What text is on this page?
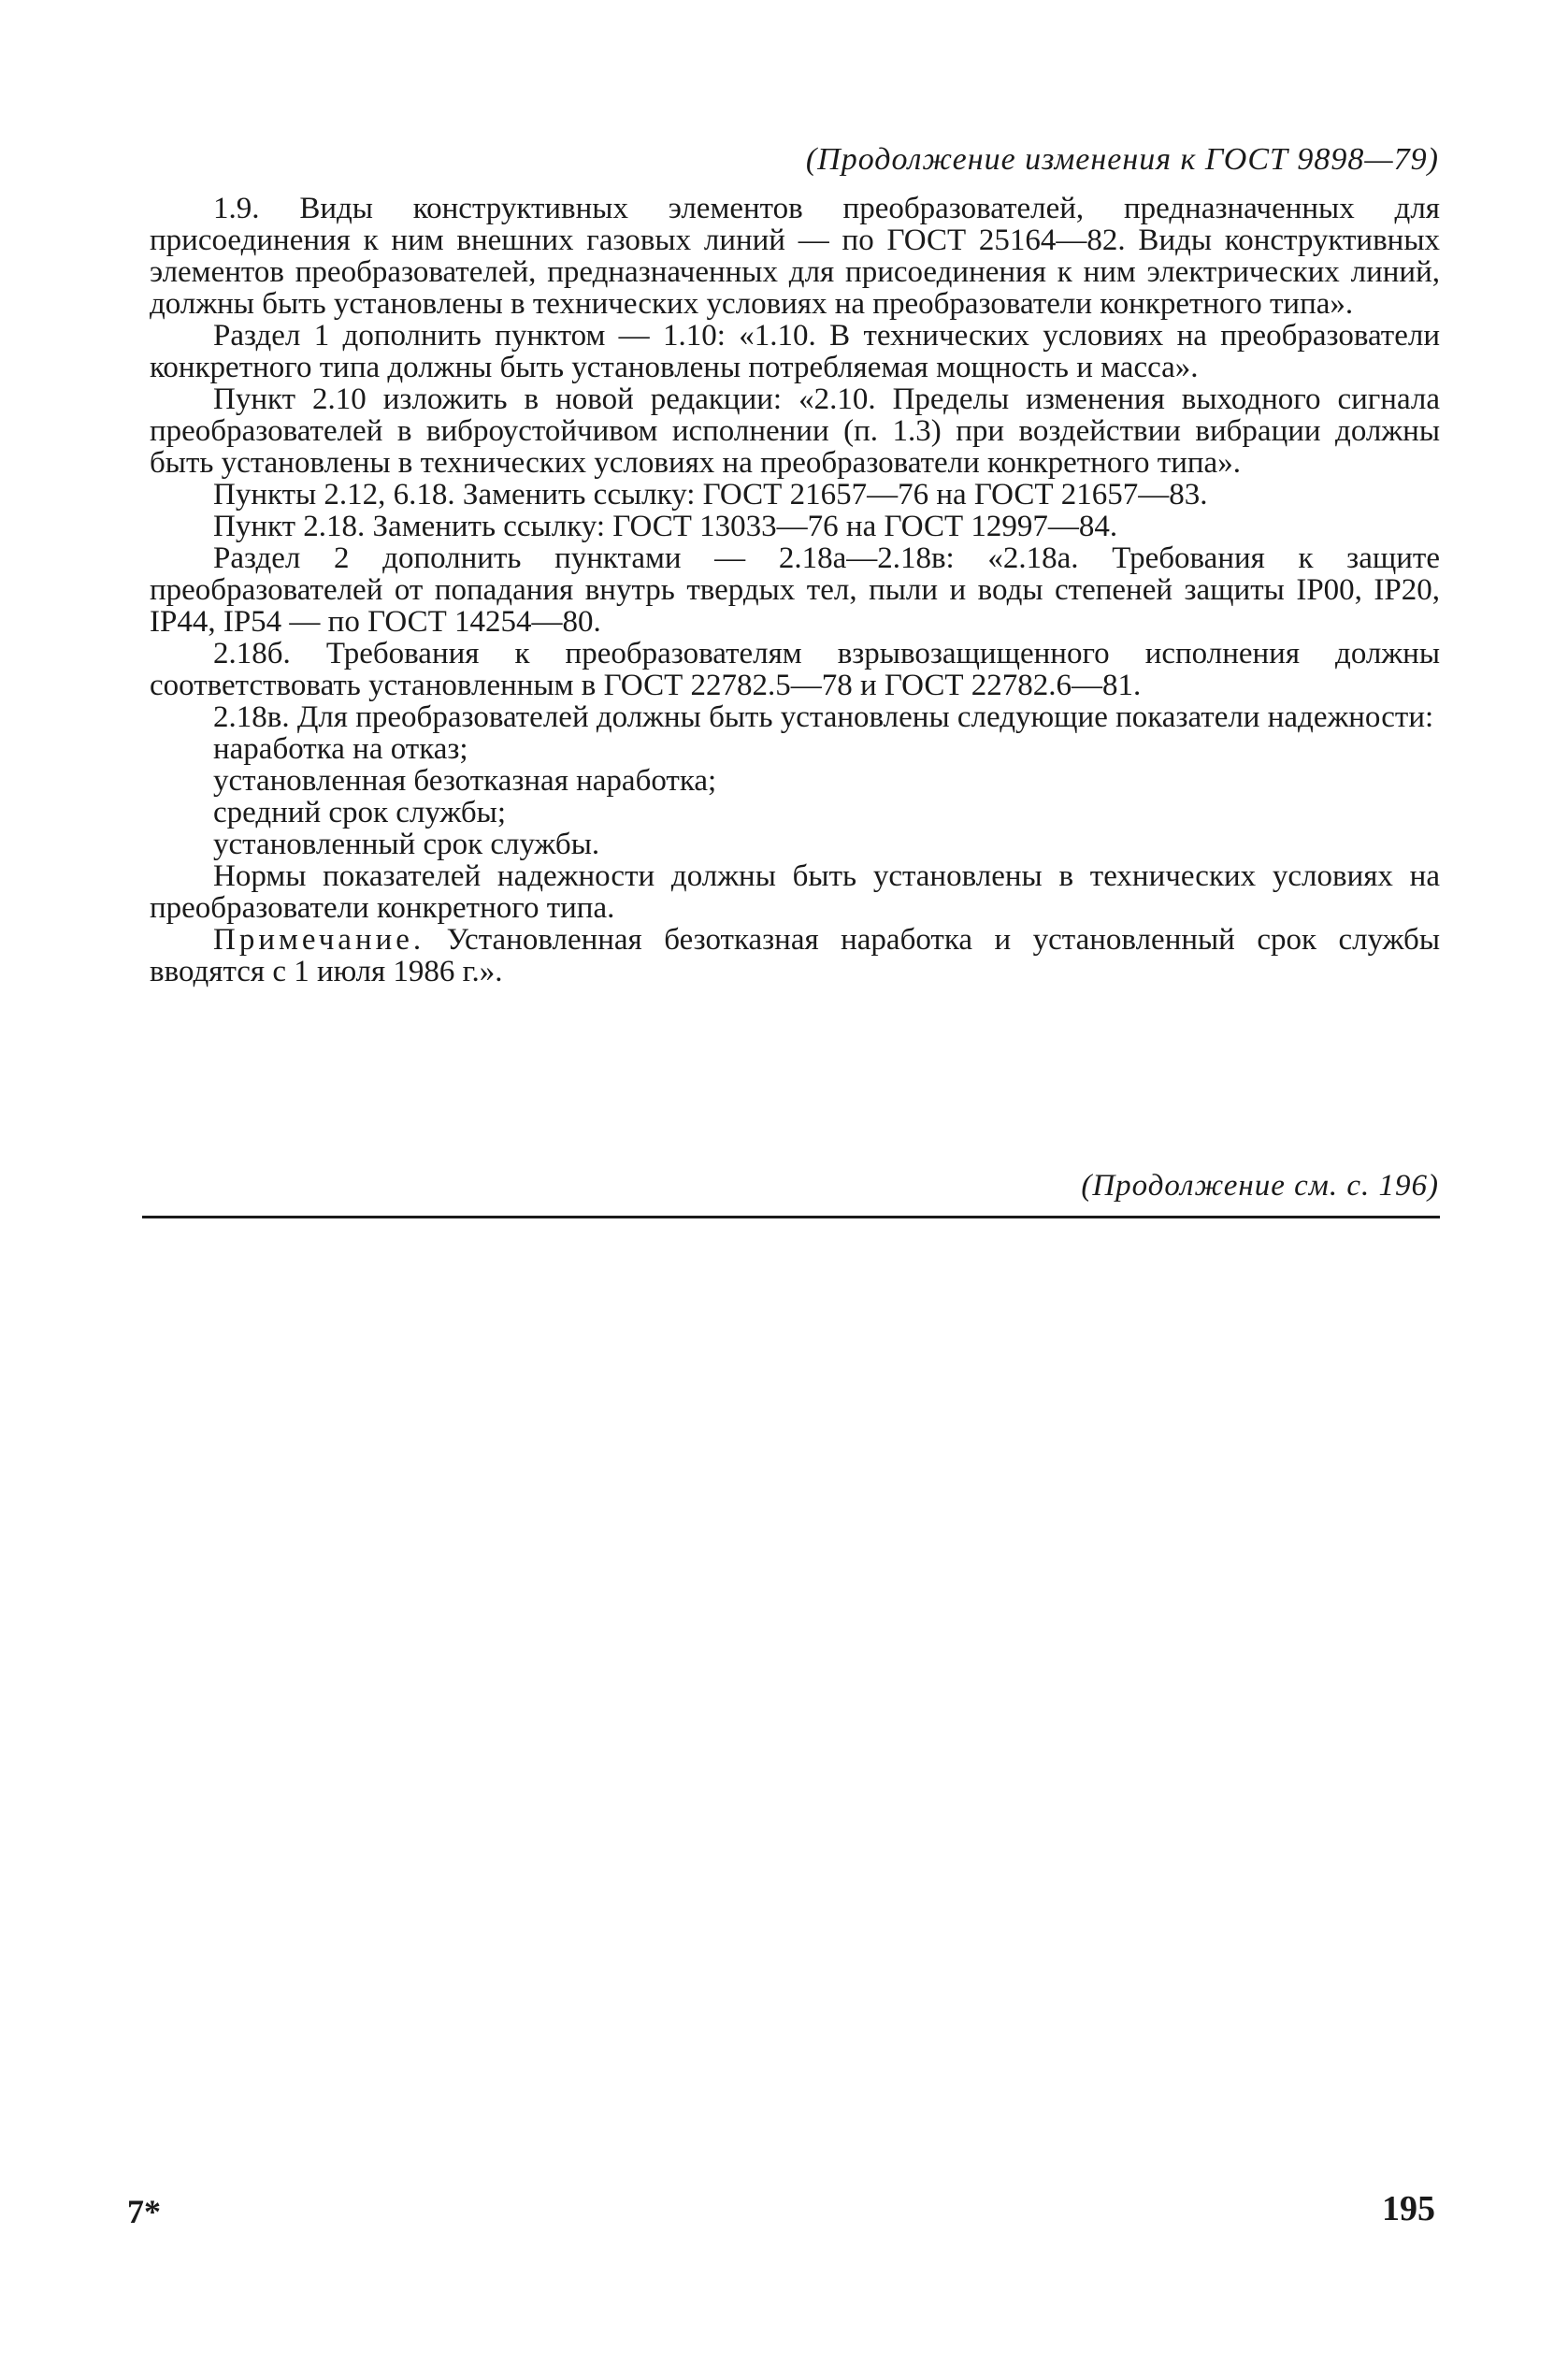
(Продолжение изменения к ГОСТ 9898—79)

1.9. Виды конструктивных элементов преобразователей, предназначенных для присоединения к ним внешних газовых линий — по ГОСТ 25164—82. Виды конструктивных элементов преобразователей, предназначенных для присоединения к ним электрических линий, должны быть установлены в технических условиях на преобразователи конкретного типа».

Раздел 1 дополнить пунктом — 1.10: «1.10. В технических условиях на преобразователи конкретного типа должны быть установлены потребляемая мощность и масса».

Пункт 2.10 изложить в новой редакции: «2.10. Пределы изменения выходного сигнала преобразователей в виброустойчивом исполнении (п. 1.3) при воздействии вибрации должны быть установлены в технических условиях на преобразователи конкретного типа».

Пункты 2.12, 6.18. Заменить ссылку: ГОСТ 21657—76 на ГОСТ 21657—83.

Пункт 2.18. Заменить ссылку: ГОСТ 13033—76 на ГОСТ 12997—84.

Раздел 2 дополнить пунктами — 2.18а—2.18в: «2.18а. Требования к защите преобразователей от попадания внутрь твердых тел, пыли и воды степеней защиты IP00, IP20, IP44, IP54 — по ГОСТ 14254—80.

2.18б. Требования к преобразователям взрывозащищенного исполнения должны соответствовать установленным в ГОСТ 22782.5—78 и ГОСТ 22782.6—81.

2.18в. Для преобразователей должны быть установлены следующие показатели надежности:

наработка на отказ;

установленная безотказная наработка;

средний срок службы;

установленный срок службы.

Нормы показателей надежности должны быть установлены в технических условиях на преобразователи конкретного типа.

Примечание. Установленная безотказная наработка и установленный срок службы вводятся с 1 июля 1986 г.».

(Продолжение см. с. 196)
7*	195
